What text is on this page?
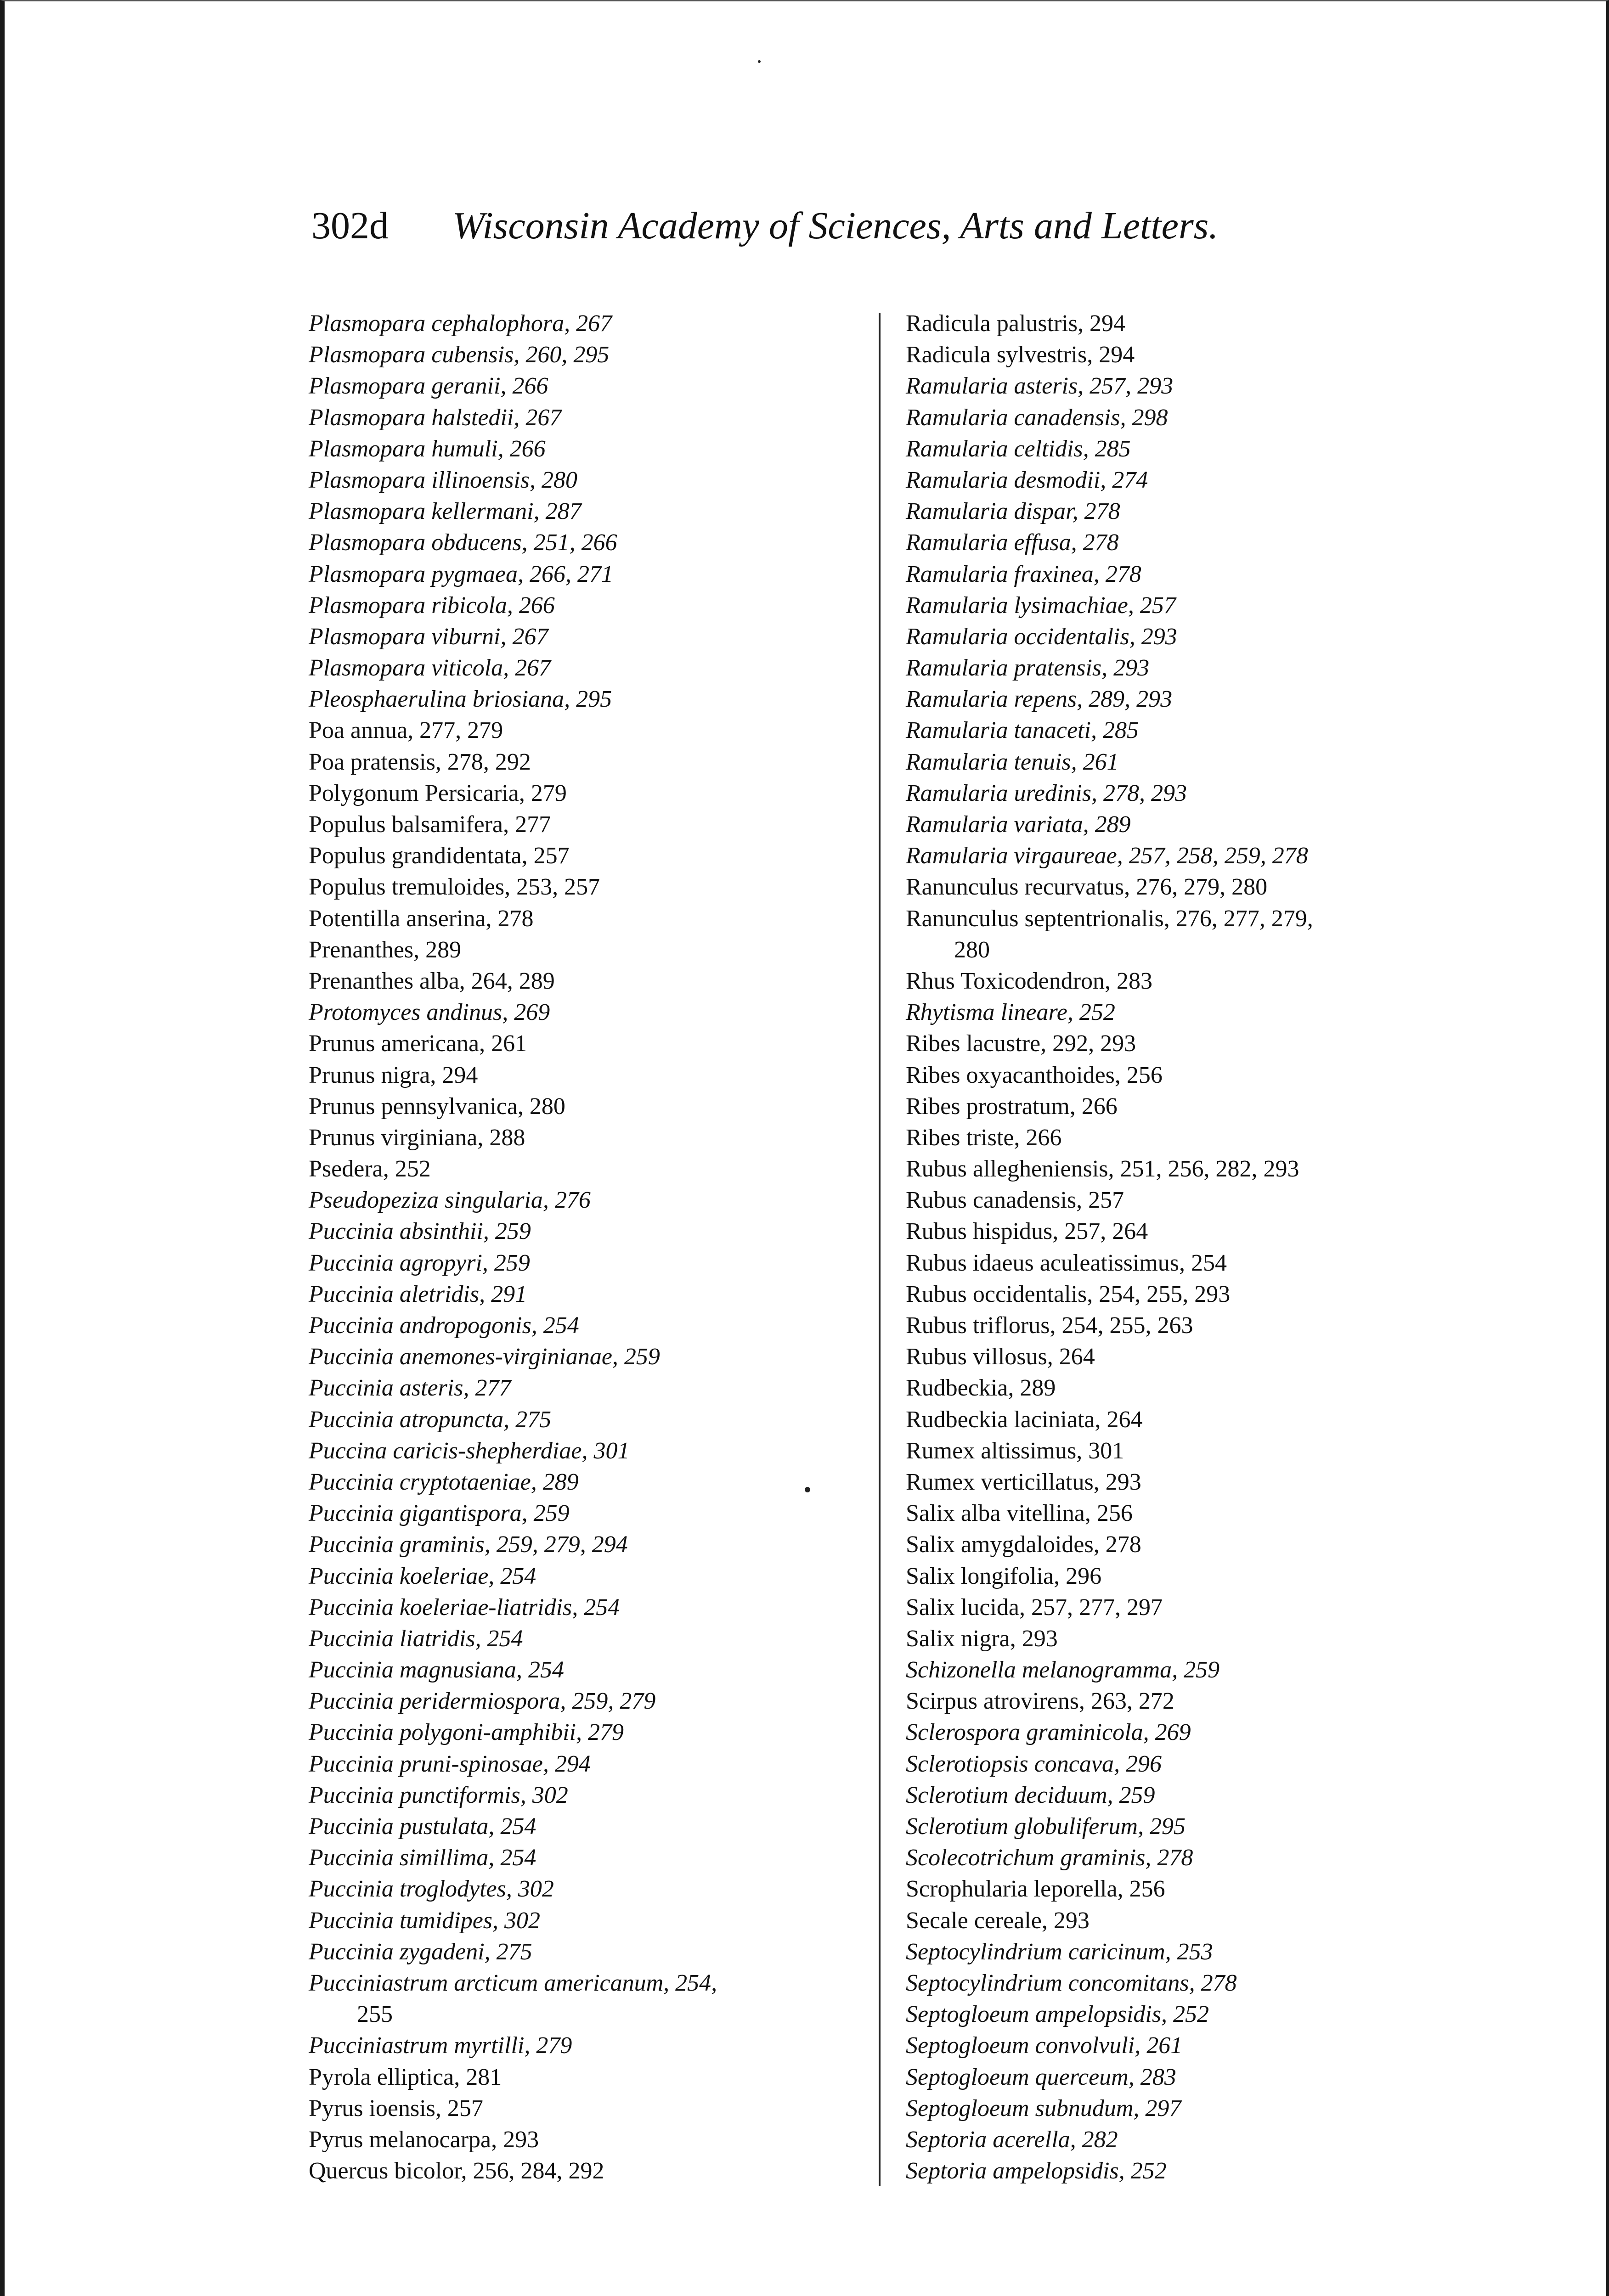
302d Wisconsin Academy of Sciences, Arts and Letters.
Plasmopara cephalophora, 267
Plasmopara cubensis, 260, 295
Plasmopara geranii, 266
Plasmopara halstedii, 267
Plasmopara humuli, 266
Plasmopara illinoensis, 280
Plasmopara kellermani, 287
Plasmopara obducens, 251, 266
Plasmopara pygmaea, 266, 271
Plasmopara ribicola, 266
Plasmopara viburni, 267
Plasmopara viticola, 267
Pleosphaerulina briosiana, 295
Poa annua, 277, 279
Poa pratensis, 278, 292
Polygonum Persicaria, 279
Populus balsamifera, 277
Populus grandidentata, 257
Populus tremuloides, 253, 257
Potentilla anserina, 278
Prenanthes, 289
Prenanthes alba, 264, 289
Protomyces andinus, 269
Prunus americana, 261
Prunus nigra, 294
Prunus pennsylvanica, 280
Prunus virginiana, 288
Psedera, 252
Pseudopeziza singularia, 276
Puccinia absinthii, 259
Puccinia agropyri, 259
Puccinia aletridis, 291
Puccinia andropogonis, 254
Puccinia anemones-virginianae, 259
Puccinia asteris, 277
Puccinia atropuncta, 275
Puccina caricis-shepherdiae, 301
Puccinia cryptotaeniae, 289
Puccinia gigantispora, 259
Puccinia graminis, 259, 279, 294
Puccinia koeleriae, 254
Puccinia koeleriae-liatridis, 254
Puccinia liatridis, 254
Puccinia magnusiana, 254
Puccinia peridermiospora, 259, 279
Puccinia polygoni-amphibii, 279
Puccinia pruni-spinosae, 294
Puccinia punctiformis, 302
Puccinia pustulata, 254
Puccinia simillima, 254
Puccinia troglodytes, 302
Puccinia tumidipes, 302
Puccinia zygadeni, 275
Pucciniastrum arcticum americanum, 254,
255
Pucciniastrum myrtilli, 279
Pyrola elliptica, 281
Pyrus ioensis, 257
Pyrus melanocarpa, 293
Quercus bicolor, 256, 284, 292
Radicula palustris, 294
Radicula sylvestris, 294
Ramularia asteris, 257, 293
Ramularia canadensis, 298
Ramularia celtidis, 285
Ramularia desmodii, 274
Ramularia dispar, 278
Ramularia effusa, 278
Ramularia fraxinea, 278
Ramularia lysimachiae, 257
Ramularia occidentalis, 293
Ramularia pratensis, 293
Ramularia repens, 289, 293
Ramularia tanaceti, 285
Ramularia tenuis, 261
Ramularia uredinis, 278, 293
Ramularia variata, 289
Ramularia virgaureae, 257, 258, 259, 278
Ranunculus recurvatus, 276, 279, 280
Ranunculus septentrionalis, 276, 277, 279,
280
Rhus Toxicodendron, 283
Rhytisma lineare, 252
Ribes lacustre, 292, 293
Ribes oxyacanthoides, 256
Ribes prostratum, 266
Ribes triste, 266
Rubus allegheniensis, 251, 256, 282, 293
Rubus canadensis, 257
Rubus hispidus, 257, 264
Rubus idaeus aculeatissimus, 254
Rubus occidentalis, 254, 255, 293
Rubus triflorus, 254, 255, 263
Rubus villosus, 264
Rudbeckia, 289
Rudbeckia laciniata, 264
Rumex altissimus, 301
Rumex verticillatus, 293
Salix alba vitellina, 256
Salix amygdaloides, 278
Salix longifolia, 296
Salix lucida, 257, 277, 297
Salix nigra, 293
Schizonella melanogramma, 259
Scirpus atrovirens, 263, 272
Sclerospora graminicola, 269
Sclerotiopsis concava, 296
Sclerotium deciduum, 259
Sclerotium globuliferum, 295
Scolecotrichum graminis, 278
Scrophularia leporella, 256
Secale cereale, 293
Septocylindrium caricinum, 253
Septocylindrium concomitans, 278
Septogloeum ampelopsidis, 252
Septogloeum convolvuli, 261
Septogloeum querceum, 283
Septogloeum subnudum, 297
Septoria acerella, 282
Septoria ampelopsidis, 252
